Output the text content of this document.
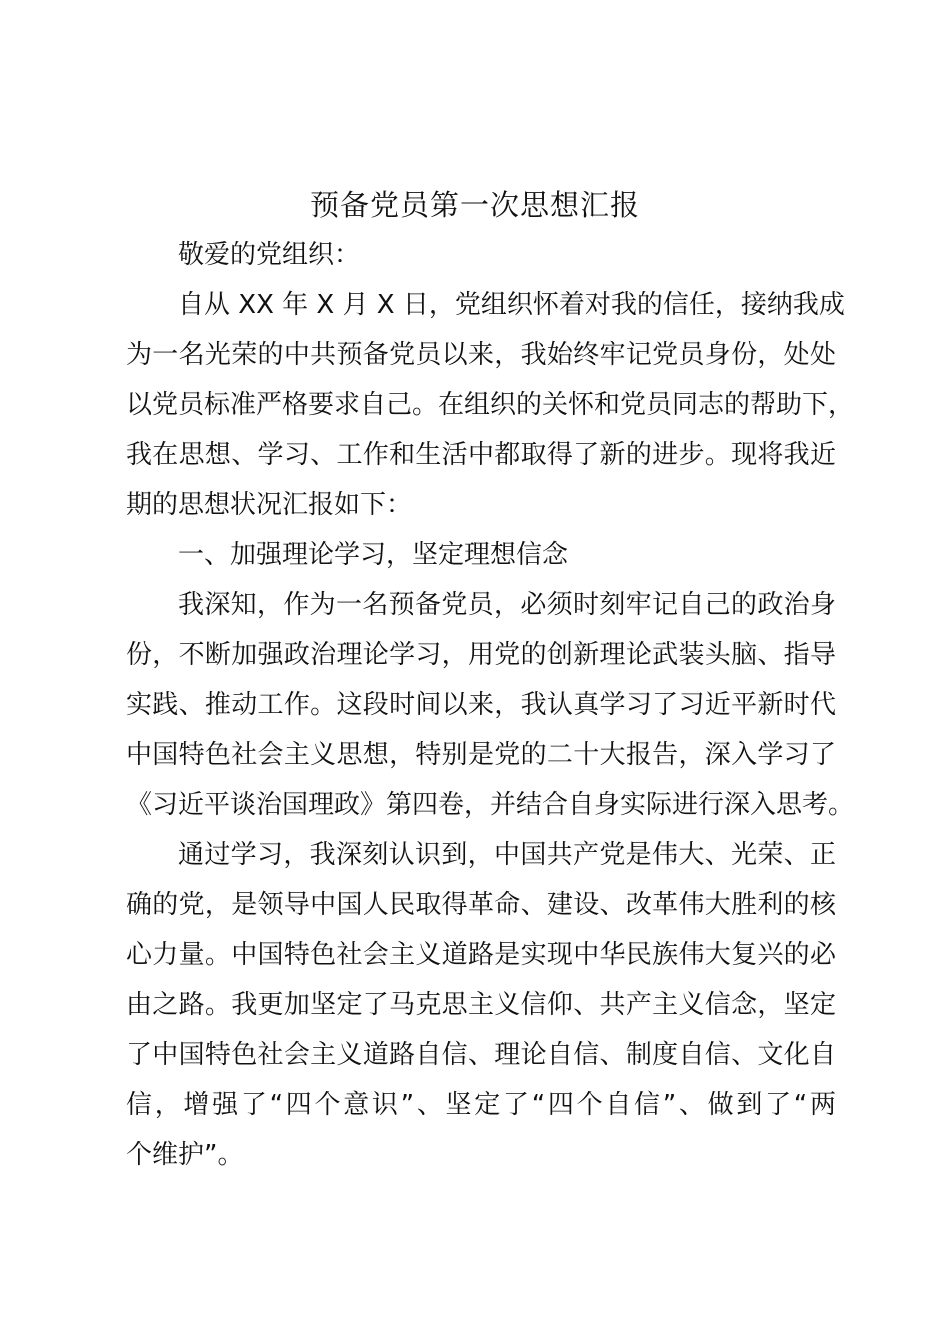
预备党员第一次思想汇报
敬爱的党组织：
自从 XX 年 X 月 X 日，党组织怀着对我的信任，接纳我成
为一名光荣的中共预备党员以来，我始终牢记党员身份，处处
以党员标准严格要求自己。在组织的关怀和党员同志的帮助下，
我在思想、学习、工作和生活中都取得了新的进步。现将我近
期的思想状况汇报如下：
一、加强理论学习，坚定理想信念
我深知，作为一名预备党员，必须时刻牢记自己的政治身
份，不断加强政治理论学习，用党的创新理论武装头脑、指导
实践、推动工作。这段时间以来，我认真学习了习近平新时代
中国特色社会主义思想，特别是党的二十大报告，深入学习了
《习近平谈治国理政》第四卷，并结合自身实际进行深入思考。
通过学习，我深刻认识到，中国共产党是伟大、光荣、正
确的党，是领导中国人民取得革命、建设、改革伟大胜利的核
心力量。中国特色社会主义道路是实现中华民族伟大复兴的必
由之路。我更加坚定了马克思主义信仰、共产主义信念，坚定
了中国特色社会主义道路自信、理论自信、制度自信、文化自
信，增强了“四个意识”、坚定了“四个自信”、做到了“两
个维护”。
